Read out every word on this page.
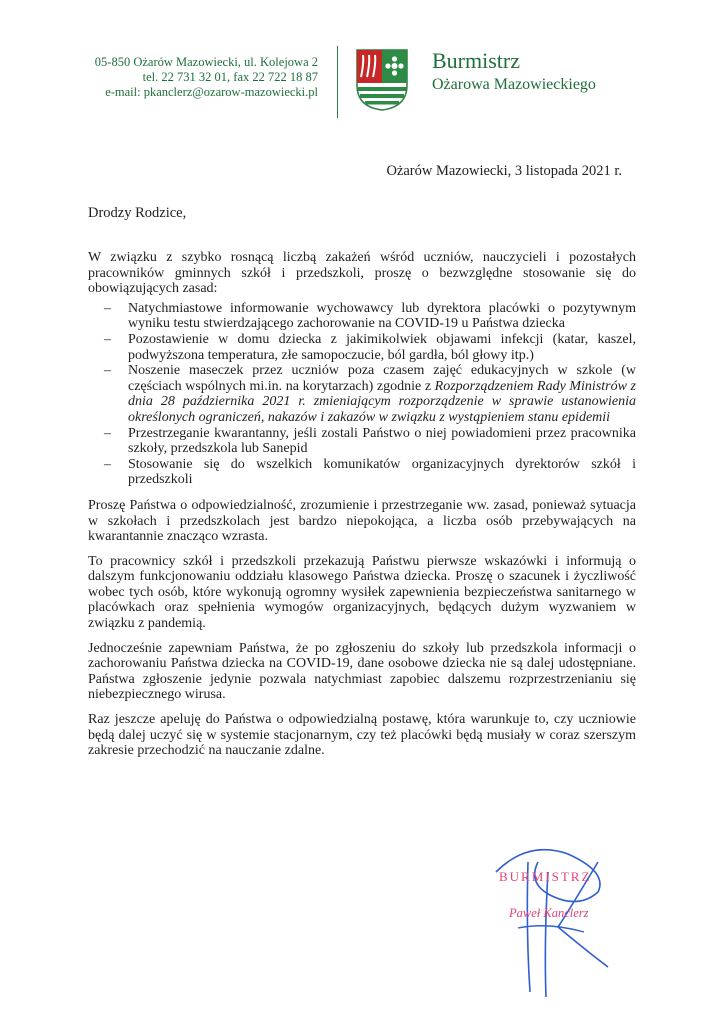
05-850 Ożarów Mazowiecki, ul. Kolejowa 2
tel. 22 731 32 01, fax 22 722 18 87
e-mail: pkanclerz@ozarow-mazowiecki.pl
Burmistrz
Ożarowa Mazowieckiego
Ożarów Mazowiecki, 3 listopada 2021 r.
Drodzy Rodzice,

W związku z szybko rosnącą liczbą zakażeń wśród uczniów, nauczycieli i pozostałych pracowników gminnych szkół i przedszkoli, proszę o bezwzględne stosowanie się do obowiązujących zasad:

– Natychmiastowe informowanie wychowawcy lub dyrektora placówki o pozytywnym wyniku testu stwierdzającego zachorowanie na COVID-19 u Państwa dziecka
– Pozostawienie w domu dziecka z jakimikolwiek objawami infekcji (katar, kaszel, podwyższona temperatura, złe samopoczucie, ból gardła, ból głowy itp.)
– Noszenie maseczek przez uczniów poza czasem zajęć edukacyjnych w szkole (w częściach wspólnych mi.in. na korytarzach) zgodnie z Rozporządzeniem Rady Ministrów z dnia 28 października 2021 r. zmieniającym rozporządzenie w sprawie ustanowienia określonych ograniczeń, nakazów i zakazów w związku z wystąpieniem stanu epidemii
– Przestrzeganie kwarantanny, jeśli zostali Państwo o niej powiadomieni przez pracownika szkoły, przedszkola lub Sanepid
– Stosowanie się do wszelkich komunikatów organizacyjnych dyrektorów szkół i przedszkoli

Proszę Państwa o odpowiedzialność, zrozumienie i przestrzeganie ww. zasad, ponieważ sytuacja w szkołach i przedszkolach jest bardzo niepokojąca, a liczba osób przebywających na kwarantannie znacząco wzrasta.

To pracownicy szkół i przedszkoli przekazują Państwu pierwsze wskazówki i informują o dalszym funkcjonowaniu oddziału klasowego Państwa dziecka. Proszę o szacunek i życzliwość wobec tych osób, które wykonują ogromny wysiłek zapewnienia bezpieczeństwa sanitarnego w placówkach oraz spełnienia wymogów organizacyjnych, będących dużym wyzwaniem w związku z pandemią.

Jednocześnie zapewniam Państwa, że po zgłoszeniu do szkoły lub przedszkola informacji o zachorowaniu Państwa dziecka na COVID-19, dane osobowe dziecka nie są dalej udostępniane. Państwa zgłoszenie jedynie pozwala natychmiast zapobiec dalszemu rozprzestrzenianiu się niebezpiecznego wirusa.

Raz jeszcze apeluję do Państwa o odpowiedzialną postawę, która warunkuje to, czy uczniowie będą dalej uczyć się w systemie stacjonarnym, czy też placówki będą musiały w coraz szerszym zakresie przechodzić na nauczanie zdalne.

BURMISTRZ
Paweł Kanclerz
